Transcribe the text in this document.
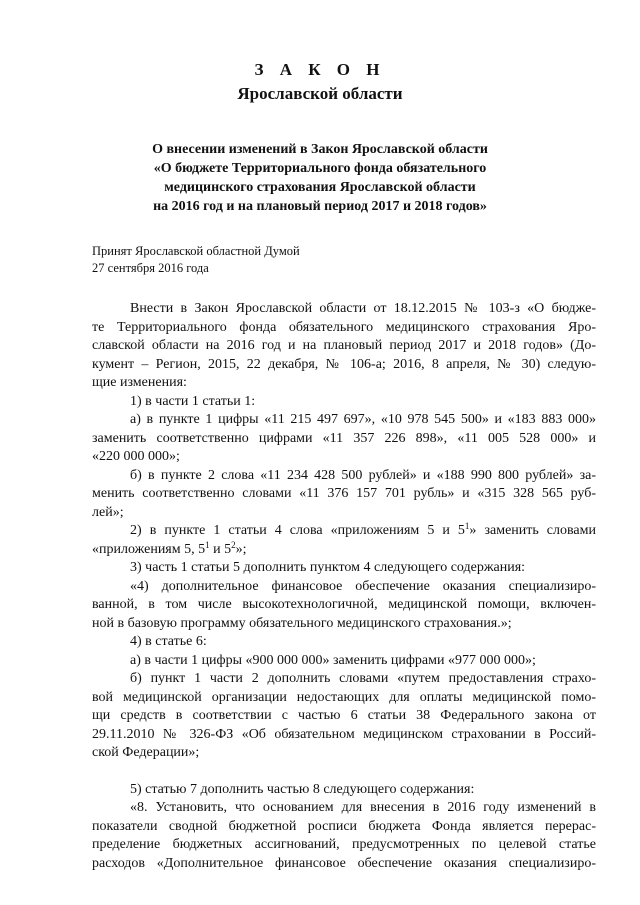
З А К О Н

Ярославской области

О внесении изменений в Закон Ярославской области
«О бюджете Территориального фонда обязательного
медицинского страхования Ярославской области
на 2016 год и на плановый период 2017 и 2018 годов»
Принят Ярославской областной Думой
27 сентября 2016 года
Внести в Закон Ярославской области от 18.12.2015 № 103-з «О бюдже-
те Территориального фонда обязательного медицинского страхования Яро-
славской области на 2016 год и на плановый период 2017 и 2018 годов» (До-
кумент – Регион, 2015, 22 декабря, № 106-а; 2016, 8 апреля, № 30) следую-
щие изменения:
1) в части 1 статьи 1:
а) в пункте 1 цифры «11 215 497 697», «10 978 545 500» и «183 883 000»
заменить соответственно цифрами «11 357 226 898», «11 005 528 000» и
«220 000 000»;
б) в пункте 2 слова «11 234 428 500 рублей» и «188 990 800 рублей» за-
менить соответственно словами «11 376 157 701 рубль» и «315 328 565 руб-
лей»;
2) в пункте 1 статьи 4 слова «приложениям 5 и $5^1$» заменить словами
«приложениям 5, $5^1$ и $5^2$»;
3) часть 1 статьи 5 дополнить пунктом 4 следующего содержания:
«4) дополнительное финансовое обеспечение оказания специализиро-
ванной, в том числе высокотехнологичной, медицинской помощи, включен-
ной в базовую программу обязательного медицинского страхования.»;
4) в статье 6:
а) в части 1 цифры «900 000 000» заменить цифрами «977 000 000»;
б) пункт 1 части 2 дополнить словами «путем предоставления страхо-
вой медицинской организации недостающих для оплаты медицинской помо-
щи средств в соответствии с частью 6 статьи 38 Федерального закона от
29.11.2010 № 326-ФЗ «Об обязательном медицинском страховании в Россий-
ской Федерации»;
5) статью 7 дополнить частью 8 следующего содержания:
«8. Установить, что основанием для внесения в 2016 году изменений в
показатели сводной бюджетной росписи бюджета Фонда является перерас-
пределение бюджетных ассигнований, предусмотренных по целевой статье
расходов «Дополнительное финансовое обеспечение оказания специализиро-
